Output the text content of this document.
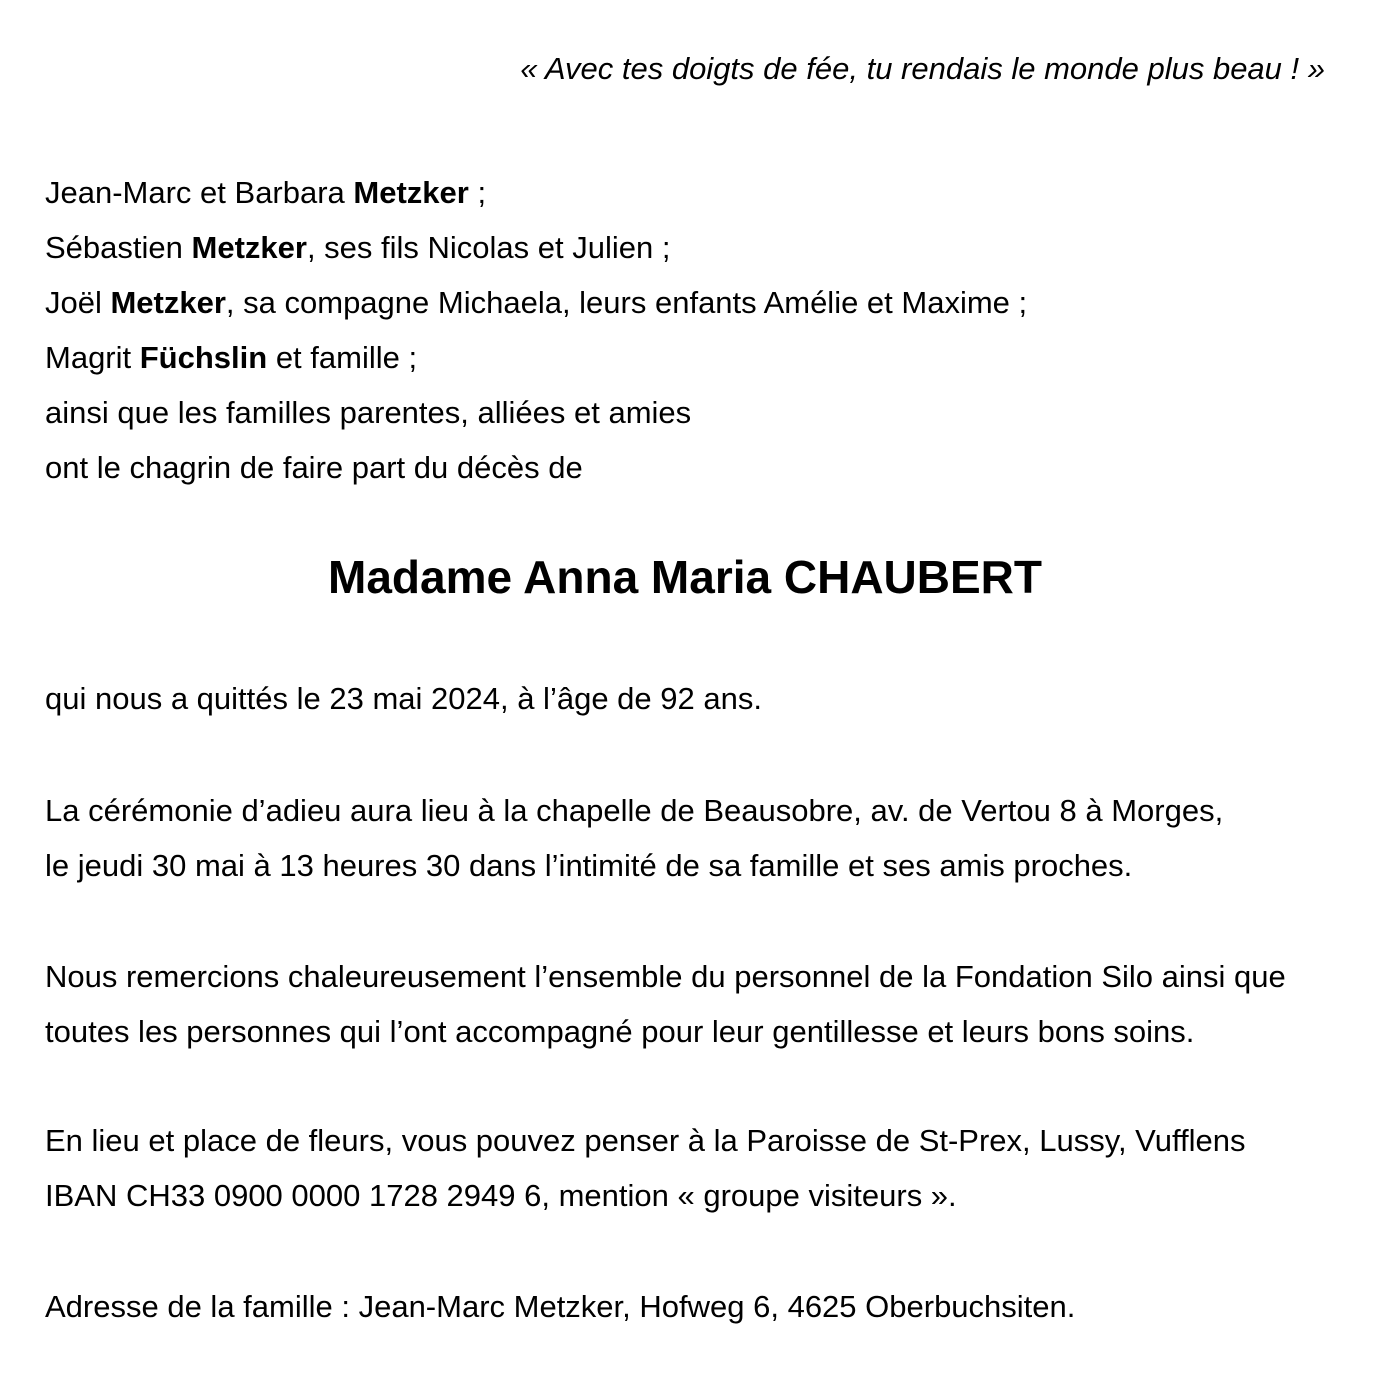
« Avec tes doigts de fée, tu rendais le monde plus beau ! »
Jean-Marc et Barbara Metzker ;
Sébastien Metzker, ses fils Nicolas et Julien ;
Joël Metzker, sa compagne Michaela, leurs enfants Amélie et Maxime ;
Magrit Füchslin et famille ;
ainsi que les familles parentes, alliées et amies
ont le chagrin de faire part du décès de
Madame Anna Maria CHAUBERT
qui nous a quittés le 23 mai 2024, à l’âge de 92 ans.
La cérémonie d’adieu aura lieu à la chapelle de Beausobre, av. de Vertou 8 à Morges,
le jeudi 30 mai à 13 heures 30 dans l’intimité de sa famille et ses amis proches.
Nous remercions chaleureusement l’ensemble du personnel de la Fondation Silo ainsi que
toutes les personnes qui l’ont accompagné pour leur gentillesse et leurs bons soins.
En lieu et place de fleurs, vous pouvez penser à la Paroisse de St-Prex, Lussy, Vufflens
IBAN CH33 0900 0000 1728 2949 6, mention « groupe visiteurs ».
Adresse de la famille : Jean-Marc Metzker, Hofweg 6, 4625 Oberbuchsiten.
